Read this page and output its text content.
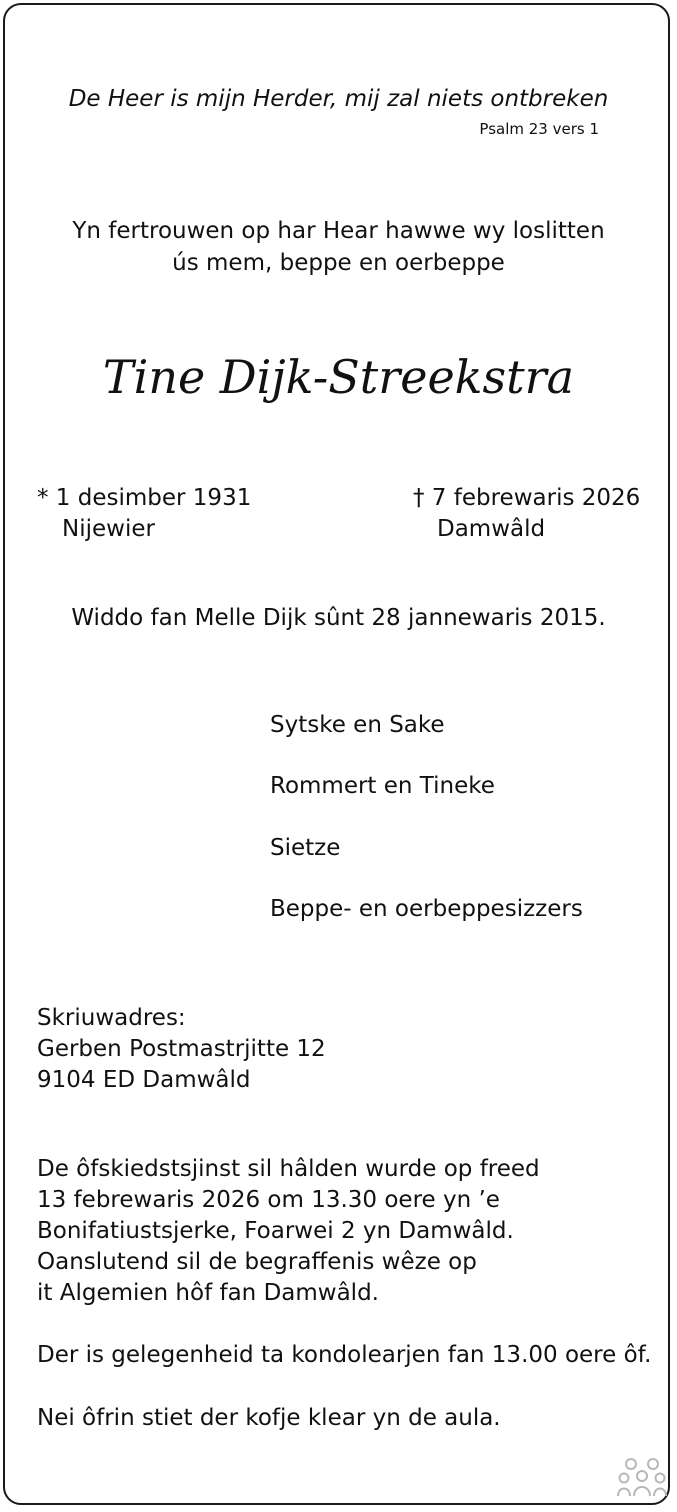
De Heer is mijn Herder, mij zal niets ontbreken
Psalm 23 vers 1
Yn fertrouwen op har Hear hawwe wy loslitten
ús mem, beppe en oerbeppe
Tine Dijk-Streekstra
* 1 desimber 1931
Nijewier
† 7 febrewaris 2026
Damwâld
Widdo fan Melle Dijk sûnt 28 jannewaris 2015.
Sytske en Sake
Rommert en Tineke
Sietze
Beppe- en oerbeppesizzers
Skriuwadres:
Gerben Postmastrjitte 12
9104 ED Damwâld
De ôfskiedstsjinst sil hâlden wurde op freed
13 febrewaris 2026 om 13.30 oere yn ’e
Bonifatiustsjerke, Foarwei 2 yn Damwâld.
Oanslutend sil de begraffenis wêze op
it Algemien hôf fan Damwâld.
Der is gelegenheid ta kondolearjen fan 13.00 oere ôf.
Nei ôfrin stiet der kofje klear yn de aula.
